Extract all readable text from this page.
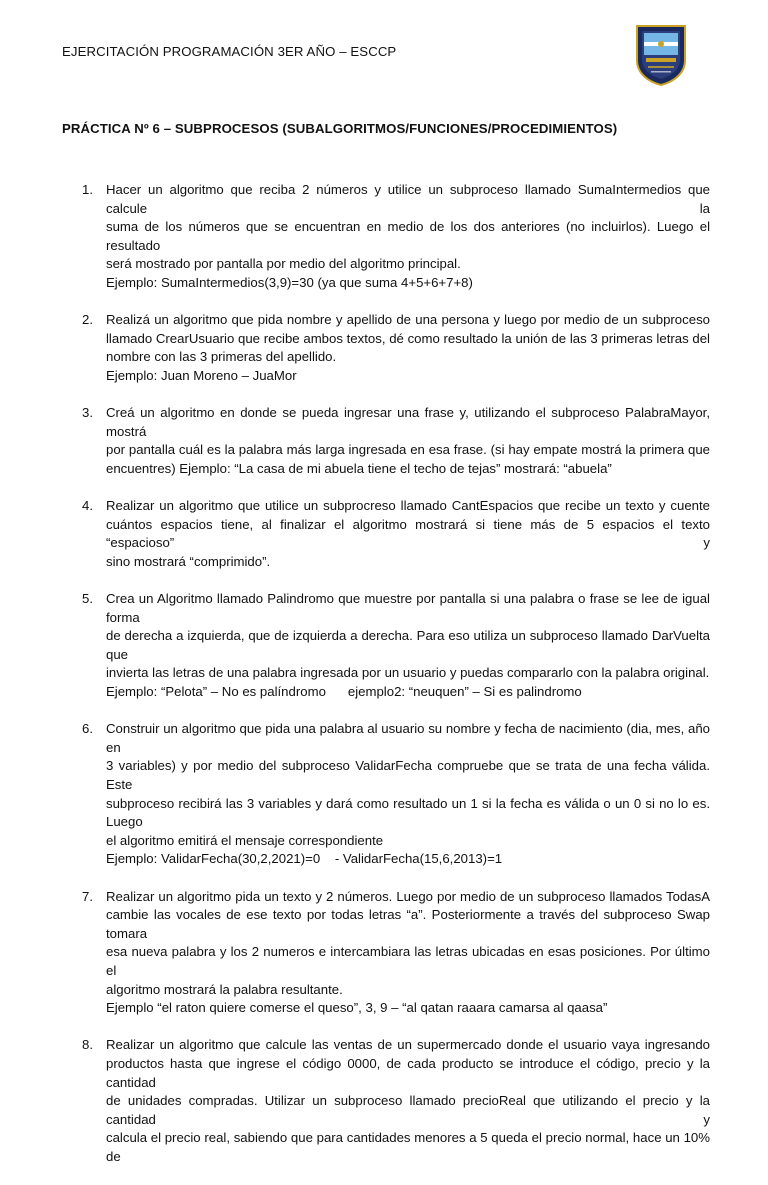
EJERCITACIÓN PROGRAMACIÓN 3ER AÑO – ESCCP
PRÁCTICA Nº 6 – SUBPROCESOS (SUBALGORITMOS/FUNCIONES/PROCEDIMIENTOS)
1. Hacer un algoritmo que reciba 2 números y utilice un subproceso llamado SumaIntermedios que calcule la
suma de los números que se encuentran en medio de los dos anteriores (no incluirlos). Luego el resultado
será mostrado por pantalla por medio del algoritmo principal.
Ejemplo: SumaIntermedios(3,9)=30 (ya que suma 4+5+6+7+8)
2. Realizá un algoritmo que pida nombre y apellido de una persona y luego por medio de un subproceso
llamado CrearUsuario que recibe ambos textos, dé como resultado la unión de las 3 primeras letras del
nombre con las 3 primeras del apellido.
Ejemplo: Juan Moreno – JuaMor
3. Creá un algoritmo en donde se pueda ingresar una frase y, utilizando el subproceso PalabraMayor, mostrá
por pantalla cuál es la palabra más larga ingresada en esa frase. (si hay empate mostrá la primera que
encuentres) Ejemplo: “La casa de mi abuela tiene el techo de tejas” mostrará: “abuela”
4. Realizar un algoritmo que utilice un subprocreso llamado CantEspacios que recibe un texto y cuente
cuántos espacios tiene, al finalizar el algoritmo mostrará si tiene más de 5 espacios el texto “espacioso” y
sino mostrará “comprimido”.
5. Crea un Algoritmo llamado Palindromo que muestre por pantalla si una palabra o frase se lee de igual forma
de derecha a izquierda, que de izquierda a derecha. Para eso utiliza un subproceso llamado DarVuelta que
invierta las letras de una palabra ingresada por un usuario y puedas compararlo con la palabra original.
Ejemplo: “Pelota” – No es palíndromo      ejemplo2: “neuquen” – Si es palindromo
6. Construir un algoritmo que pida una palabra al usuario su nombre y fecha de nacimiento (dia, mes, año en
3 variables) y por medio del subproceso ValidarFecha compruebe que se trata de una fecha válida. Este
subproceso recibirá las 3 variables y dará como resultado un 1 si la fecha es válida o un 0 si no lo es. Luego
el algoritmo emitirá el mensaje correspondiente
Ejemplo: ValidarFecha(30,2,2021)=0    - ValidarFecha(15,6,2013)=1
7. Realizar un algoritmo pida un texto y 2 números. Luego por medio de un subproceso llamados TodasA
cambie las vocales de ese texto por todas letras “a”. Posteriormente a través del subproceso Swap tomara
esa nueva palabra y los 2 numeros e intercambiara las letras ubicadas en esas posiciones. Por último el
algoritmo mostrará la palabra resultante.
Ejemplo “el raton quiere comerse el queso”, 3, 9 – “al qatan raaara camarsa al qaasa”
8. Realizar un algoritmo que calcule las ventas de un supermercado donde el usuario vaya ingresando
productos hasta que ingrese el código 0000, de cada producto se introduce el código, precio y la cantidad
de unidades compradas. Utilizar un subproceso llamado precioReal que utilizando el precio y la cantidad y
calcula el precio real, sabiendo que para cantidades menores a 5 queda el precio normal, hace un 10% de
